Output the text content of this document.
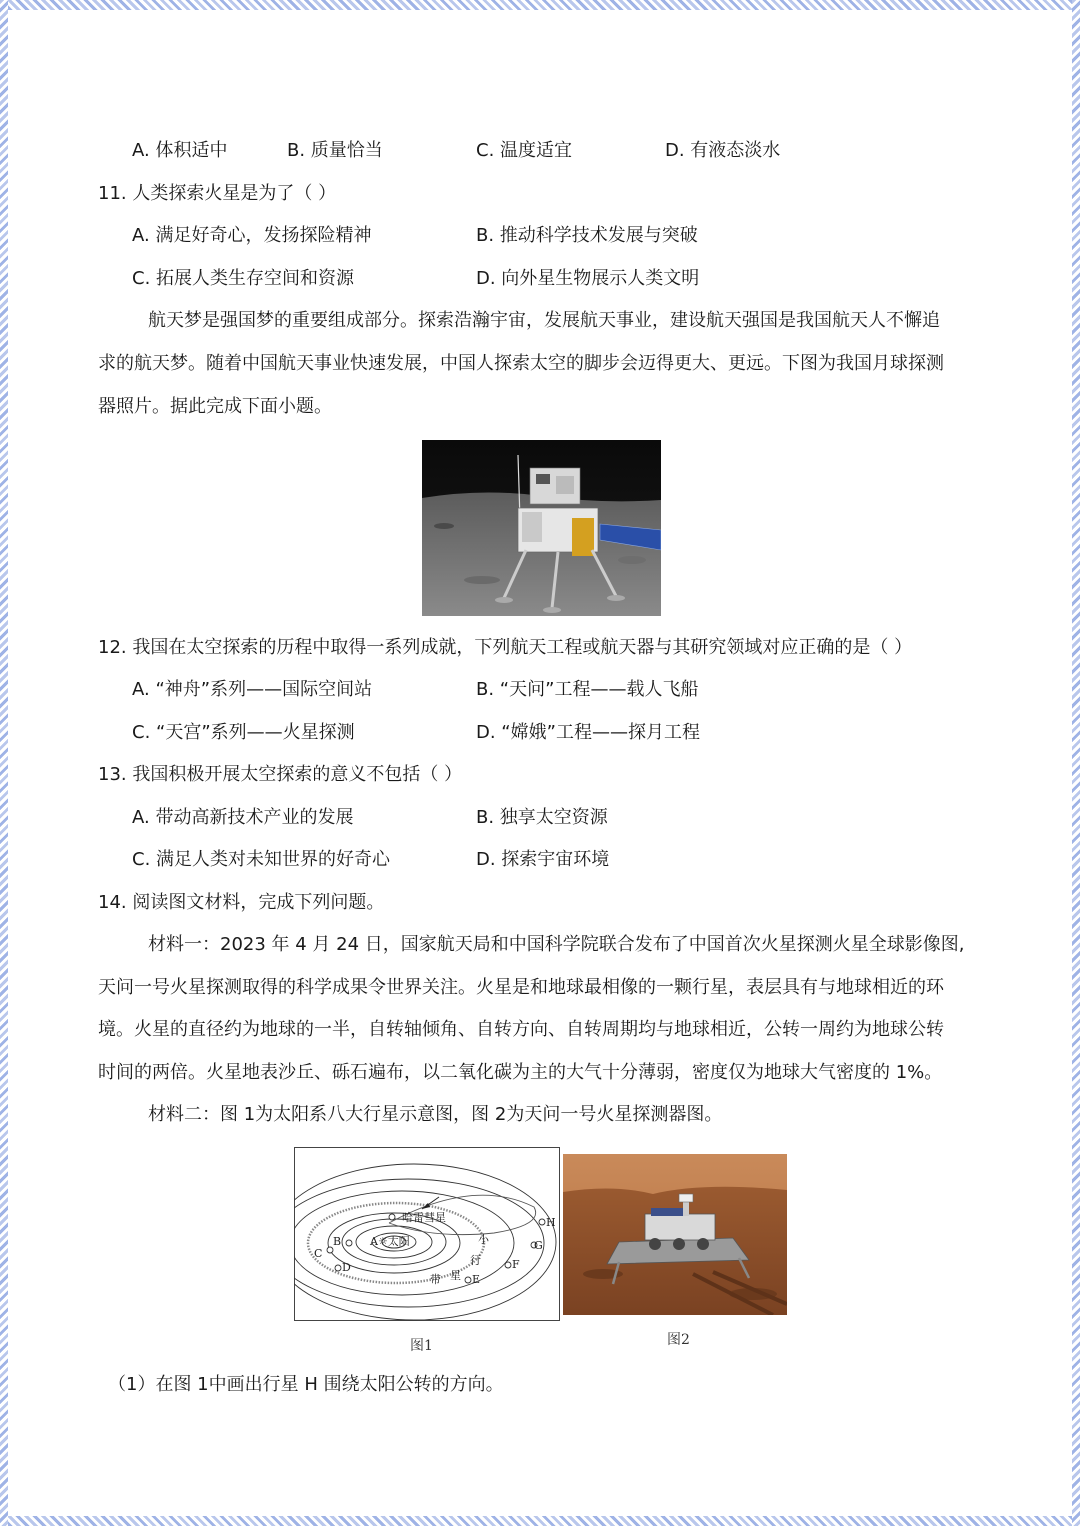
A. 体积适中	B. 质量恰当	C. 温度适宜	D. 有液态淡水
11. 人类探索火星是为了（ ）
A. 满足好奇心，发扬探险精神	B. 推动科学技术发展与突破
C. 拓展人类生存空间和资源	D. 向外星生物展示人类文明
航天梦是强国梦的重要组成部分。探索浩瀚宇宙，发展航天事业，建设航天强国是我国航天人不懈追
求的航天梦。随着中国航天事业快速发展，中国人探索太空的脚步会迈得更大、更远。下图为我国月球探测
器照片。据此完成下面小题。
12. 我国在太空探索的历程中取得一系列成就，下列航天工程或航天器与其研究领域对应正确的是（ ）
A. “神舟”系列——国际空间站	B. “天问”工程——载人飞船
C. “天宫”系列——火星探测	D. “嫦娥”工程——探月工程
13. 我国积极开展太空探索的意义不包括（ ）
A. 带动高新技术产业的发展	B. 独享太空资源
C. 满足人类对未知世界的好奇心	D. 探索宇宙环境
14. 阅读图文材料，完成下列问题。
材料一：2023 年 4 月 24 日，国家航天局和中国科学院联合发布了中国首次火星探测火星全球影像图,
天问一号火星探测取得的科学成果令世界关注。火星是和地球最相像的一颗行星，表层具有与地球相近的环
境。火星的直径约为地球的一半，自转轴倾角、自转方向、自转周期均与地球相近，公转一周约为地球公转
时间的两倍。火星地表沙丘、砾石遍布，以二氧化碳为主的大气十分薄弱，密度仅为地球大气密度的 1%。
材料二：图 1为太阳系八大行星示意图，图 2为天问一号火星探测器图。
哈雷彗星
A☼太阳
B
C
D
E
F
G
H
小
行
星
带
图1	图2
（1）在图 1中画出行星 H 围绕太阳公转的方向。
